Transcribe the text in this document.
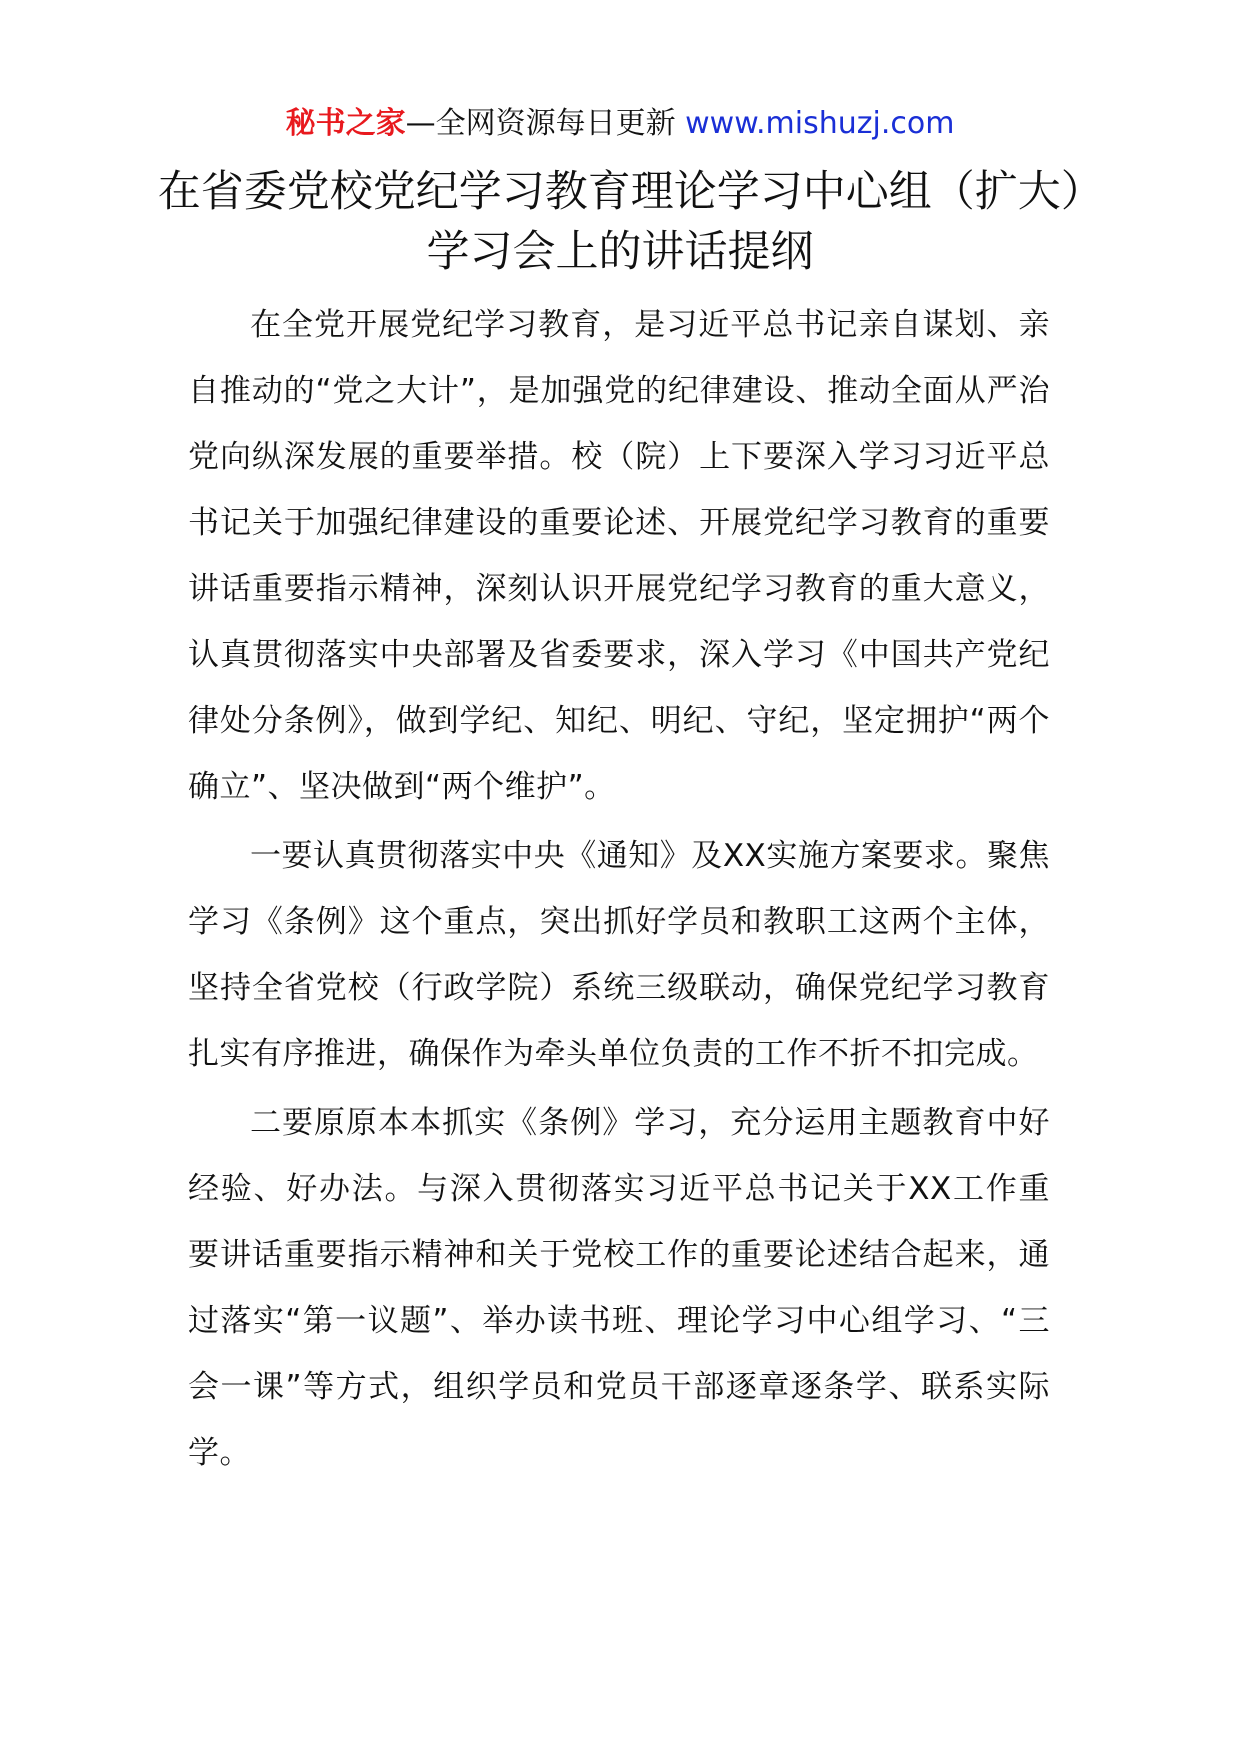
秘书之家—全网资源每日更新 www.mishuzj.com
在省委党校党纪学习教育理论学习中心组（扩大）学习会上的讲话提纲

在全党开展党纪学习教育，是习近平总书记亲自谋划、亲自推动的“党之大计”，是加强党的纪律建设、推动全面从严治党向纵深发展的重要举措。校（院）上下要深入学习习近平总书记关于加强纪律建设的重要论述、开展党纪学习教育的重要讲话重要指示精神，深刻认识开展党纪学习教育的重大意义，认真贯彻落实中央部署及省委要求，深入学习《中国共产党纪律处分条例》，做到学纪、知纪、明纪、守纪，坚定拥护“两个确立”、坚决做到“两个维护”。

一要认真贯彻落实中央《通知》及XX实施方案要求。聚焦学习《条例》这个重点，突出抓好学员和教职工这两个主体，坚持全省党校（行政学院）系统三级联动，确保党纪学习教育扎实有序推进，确保作为牵头单位负责的工作不折不扣完成。

二要原原本本抓实《条例》学习，充分运用主题教育中好经验、好办法。与深入贯彻落实习近平总书记关于XX工作重要讲话重要指示精神和关于党校工作的重要论述结合起来，通过落实“第一议题”、举办读书班、理论学习中心组学习、“三会一课”等方式，组织学员和党员干部逐章逐条学、联系实际学。
